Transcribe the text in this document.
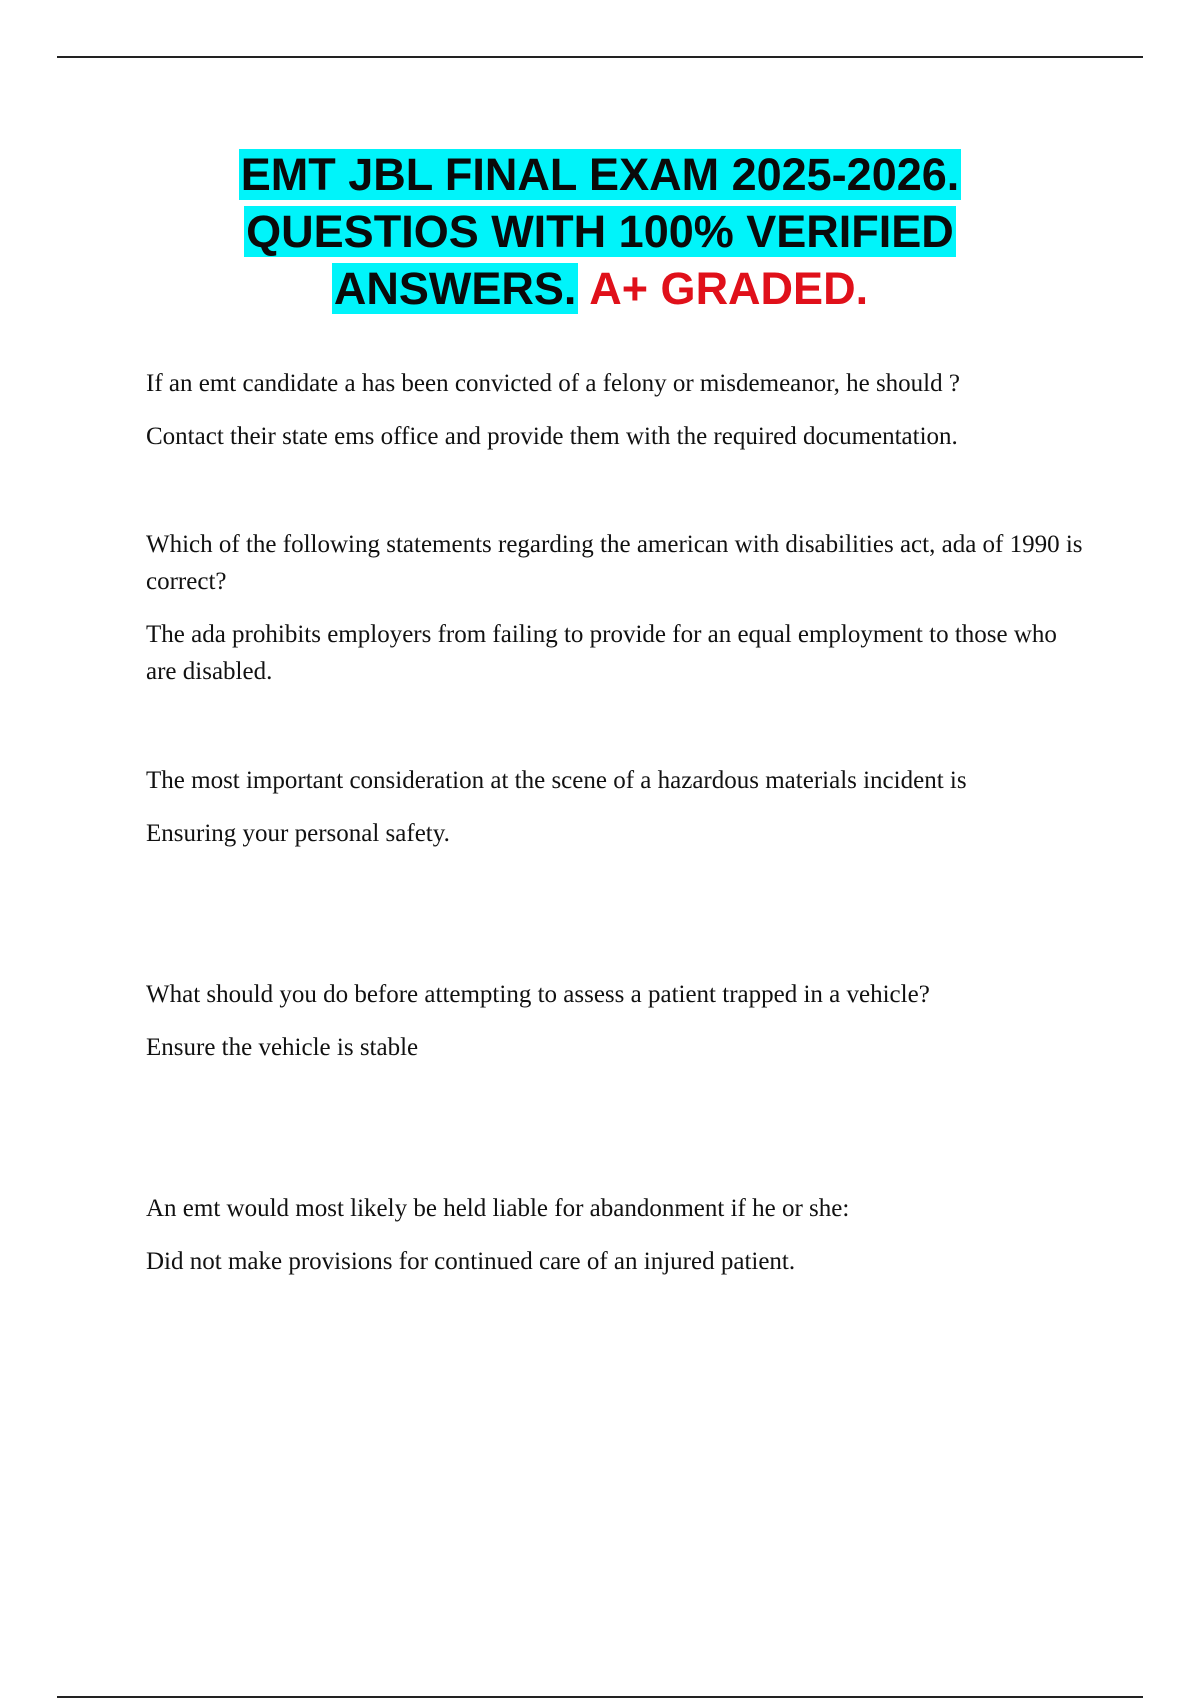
EMT JBL FINAL EXAM 2025-2026.
QUESTIOS WITH 100% VERIFIED
ANSWERS. A+ GRADED.

If an emt candidate a has been convicted of a felony or misdemeanor, he should ?

Contact their state ems office and provide them with the required documentation.

Which of the following statements regarding the american with disabilities act, ada of 1990 is correct?

The ada prohibits employers from failing to provide for an equal employment to those who are disabled.

The most important consideration at the scene of a hazardous materials incident is

Ensuring your personal safety.

What should you do before attempting to assess a patient trapped in a vehicle?

Ensure the vehicle is stable

An emt would most likely be held liable for abandonment if he or she:

Did not make provisions for continued care of an injured patient.
